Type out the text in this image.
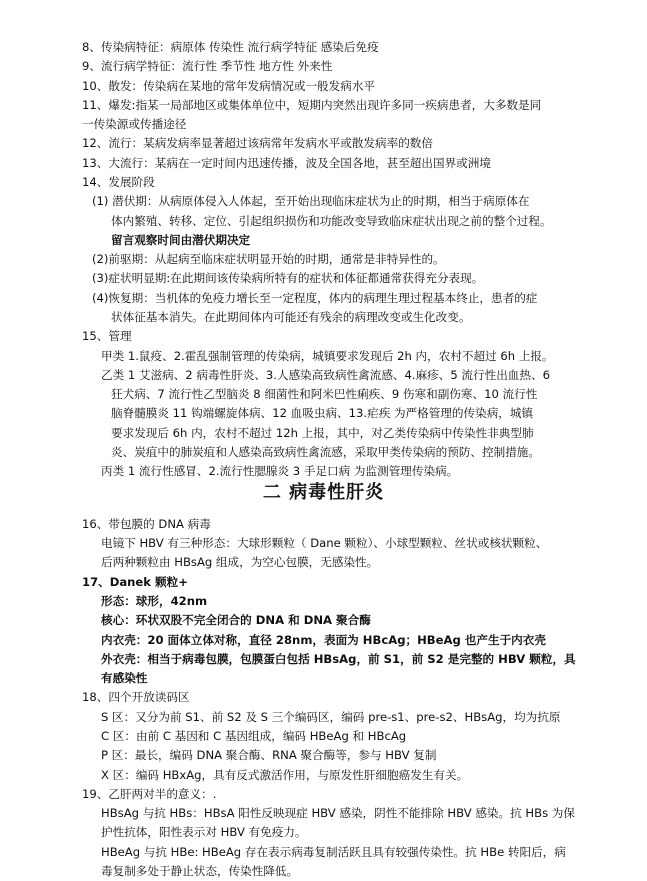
8、传染病特征：病原体 传染性 流行病学特征 感染后免疫
9、流行病学特征：流行性 季节性 地方性 外来性
10、散发：传染病在某地的常年发病情况或一般发病水平
11、爆发:指某一局部地区或集体单位中，短期内突然出现许多同一疾病患者，大多数是同
一传染源或传播途径
12、流行：某病发病率显著超过该病常年发病水平或散发病率的数倍
13、大流行：某病在一定时间内迅速传播，波及全国各地，甚至超出国界或洲境
14、发展阶段
(1) 潜伏期：从病原体侵入人体起，至开始出现临床症状为止的时期，相当于病原体在
体内繁殖、转移、定位、引起组织损伤和功能改变导致临床症状出现之前的整个过程。
留言观察时间由潜伏期决定
(2)前驱期：从起病至临床症状明显开始的时期，通常是非特异性的。
(3)症状明显期:在此期间该传染病所特有的症状和体征都通常获得充分表现。
(4)恢复期：当机体的免疫力增长至一定程度，体内的病理生理过程基本终止，患者的症
状体征基本消失。在此期间体内可能还有残余的病理改变或生化改变。
15、管理
甲类 1.鼠疫、2.霍乱强制管理的传染病，城镇要求发现后 2h 内，农村不超过 6h 上报。
乙类 1 艾滋病、2 病毒性肝炎、3.人感染高致病性禽流感、4.麻疹、5 流行性出血热、6
狂犬病、7 流行性乙型脑炎 8 细菌性和阿米巴性痢疾、9 伤寒和副伤寒、10 流行性
脑脊髓膜炎 11 钩端螺旋体病、12 血吸虫病、13.疟疾 为严格管理的传染病，城镇
要求发现后 6h 内，农村不超过 12h 上报，其中，对乙类传染病中传染性非典型肺
炎、炭疽中的肺炭疽和人感染高致病性禽流感，采取甲类传染病的预防、控制措施。
丙类 1 流行性感冒、2.流行性腮腺炎 3 手足口病 为监测管理传染病。
二 病毒性肝炎
16、带包膜的 DNA 病毒
电镜下 HBV 有三种形态：大球形颗粒（ Dane 颗粒）、小球型颗粒、丝状或核状颗粒、
后两种颗粒由 HBsAg 组成，为空心包膜，无感染性。
17、Danek 颗粒+
形态：球形，42nm
核心：环状双股不完全闭合的 DNA 和 DNA 聚合酶
内衣壳：20 面体立体对称，直径 28nm，表面为 HBcAg；HBeAg 也产生于内衣壳
外衣壳：相当于病毒包膜，包膜蛋白包括 HBsAg，前 S1，前 S2 是完整的 HBV 颗粒，具
有感染性
18、四个开放读码区
S 区：又分为前 S1、前 S2 及 S 三个编码区，编码 pre-s1、pre-s2、HBsAg，均为抗原
C 区：由前 C 基因和 C 基因组成，编码 HBeAg 和 HBcAg
P 区：最长，编码 DNA 聚合酶、RNA 聚合酶等，参与 HBV 复制
X 区：编码 HBxAg，具有反式激活作用，与原发性肝细胞癌发生有关。
19、乙肝两对半的意义：.
HBsAg 与抗 HBs：HBsA 阳性反映现症 HBV 感染，阴性不能排除 HBV 感染。抗 HBs 为保
护性抗体，阳性表示对 HBV 有免疫力。
HBeAg 与抗 HBe: HBeAg 存在表示病毒复制活跃且具有较强传染性。抗 HBe 转阳后，病
毒复制多处于静止状态，传染性降低。
